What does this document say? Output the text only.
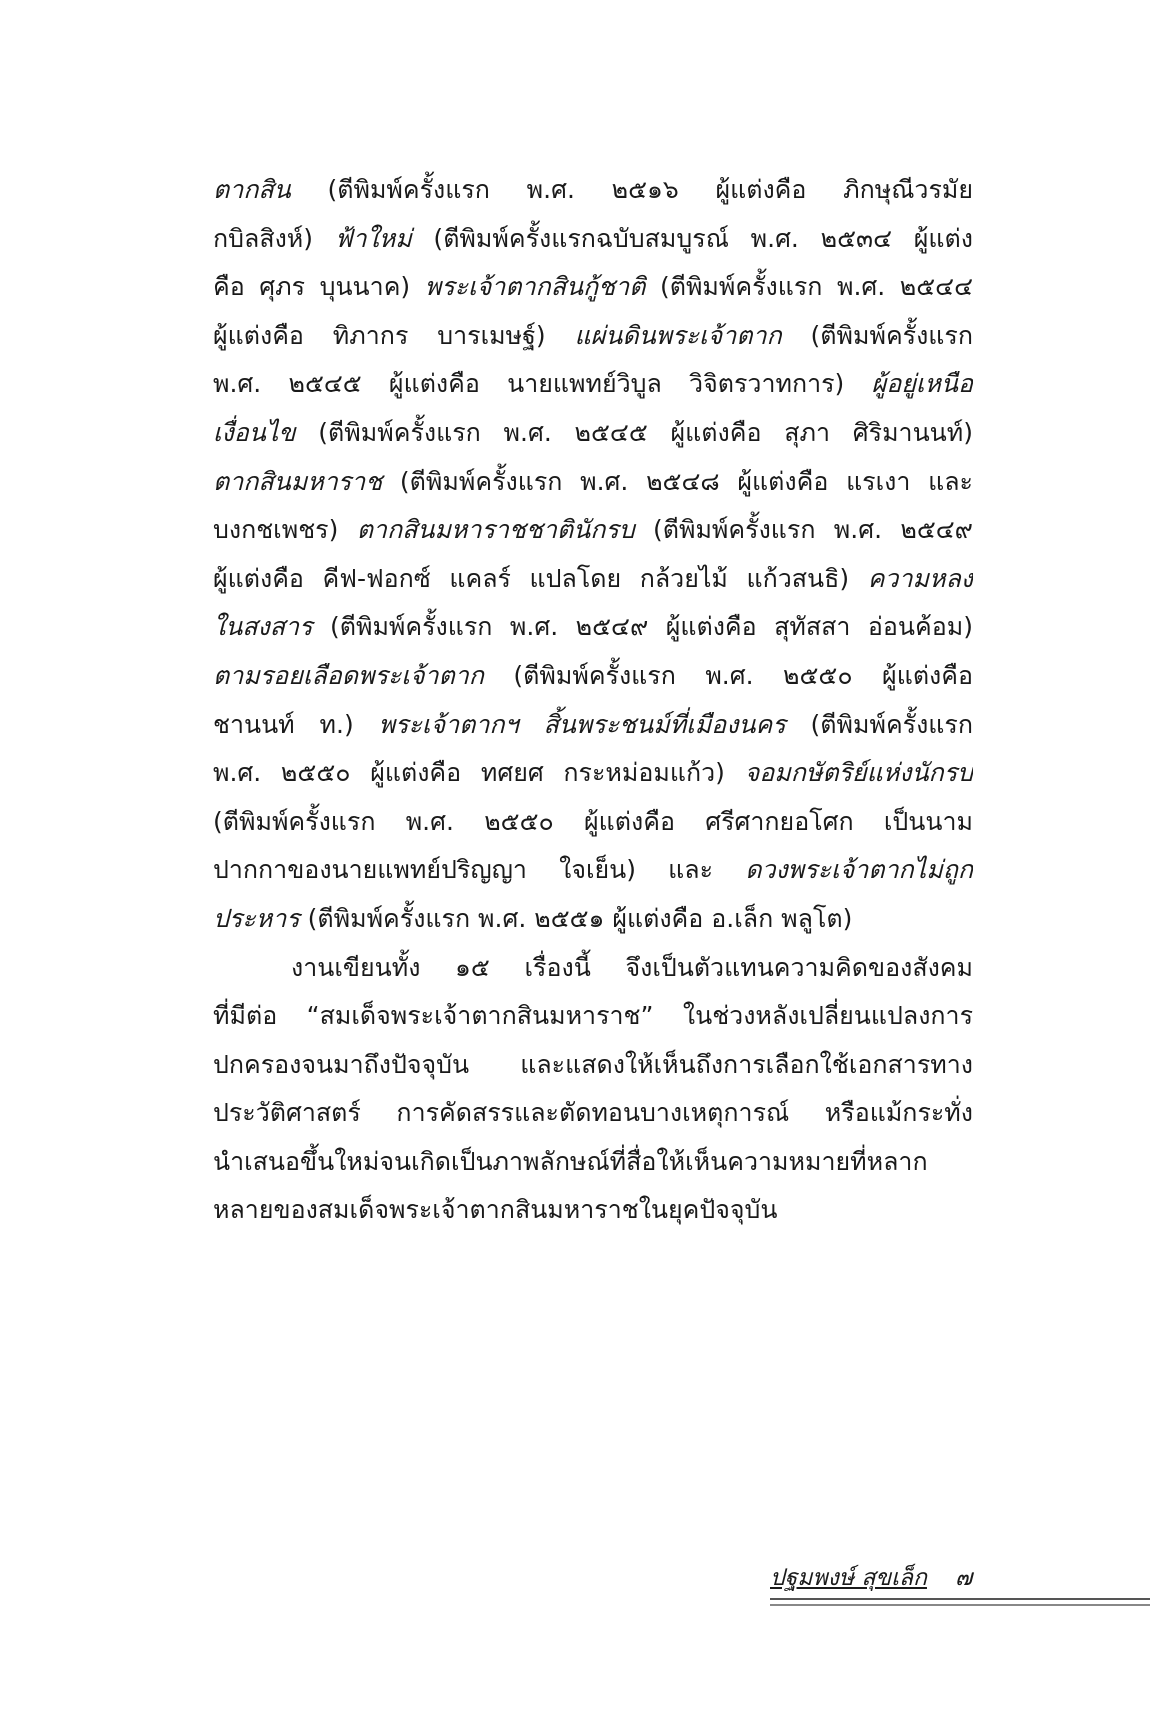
ตากสิน (ตีพิมพ์ครั้งแรก พ.ศ. ๒๕๑๖ ผู้แต่งคือ ภิกษุณีวรมัย
กบิลสิงห์) ฟ้าใหม่ (ตีพิมพ์ครั้งแรกฉบับสมบูรณ์ พ.ศ. ๒๕๓๔ ผู้แต่ง
คือ ศุภร บุนนาค) พระเจ้าตากสินกู้ชาติ (ตีพิมพ์ครั้งแรก พ.ศ. ๒๕๔๔
ผู้แต่งคือ ทิภากร บารเมษฐ์) แผ่นดินพระเจ้าตาก (ตีพิมพ์ครั้งแรก
พ.ศ. ๒๕๔๕ ผู้แต่งคือ นายแพทย์วิบูล วิจิตรวาทการ) ผู้อยู่เหนือ
เงื่อนไข (ตีพิมพ์ครั้งแรก พ.ศ. ๒๕๔๕ ผู้แต่งคือ สุภา ศิริมานนท์)
ตากสินมหาราช (ตีพิมพ์ครั้งแรก พ.ศ. ๒๕๔๘ ผู้แต่งคือ แรเงา และ
บงกชเพชร) ตากสินมหาราชชาตินักรบ (ตีพิมพ์ครั้งแรก พ.ศ. ๒๕๔๙
ผู้แต่งคือ คีฟ-ฟอกซ์ แคลร์ แปลโดย กล้วยไม้ แก้วสนธิ) ความหลง
ในสงสาร (ตีพิมพ์ครั้งแรก พ.ศ. ๒๕๔๙ ผู้แต่งคือ สุทัสสา อ่อนค้อม)
ตามรอยเลือดพระเจ้าตาก (ตีพิมพ์ครั้งแรก พ.ศ. ๒๕๕๐ ผู้แต่งคือ
ชานนท์ ท.) พระเจ้าตากฯ สิ้นพระชนม์ที่เมืองนคร (ตีพิมพ์ครั้งแรก
พ.ศ. ๒๕๕๐ ผู้แต่งคือ ทศยศ กระหม่อมแก้ว) จอมกษัตริย์แห่งนักรบ
(ตีพิมพ์ครั้งแรก พ.ศ. ๒๕๕๐ ผู้แต่งคือ ศรีศากยอโศก เป็นนาม
ปากกาของนายแพทย์ปริญญา ใจเย็น) และ ดวงพระเจ้าตากไม่ถูก
ประหาร (ตีพิมพ์ครั้งแรก พ.ศ. ๒๕๕๑ ผู้แต่งคือ อ.เล็ก พลูโต)
งานเขียนทั้ง ๑๕ เรื่องนี้ จึงเป็นตัวแทนความคิดของสังคม
ที่มีต่อ “สมเด็จพระเจ้าตากสินมหาราช” ในช่วงหลังเปลี่ยนแปลงการ
ปกครองจนมาถึงปัจจุบัน และแสดงให้เห็นถึงการเลือกใช้เอกสารทาง
ประวัติศาสตร์ การคัดสรรและตัดทอนบางเหตุการณ์ หรือแม้กระทั่ง
นำเสนอขึ้นใหม่จนเกิดเป็นภาพลักษณ์ที่สื่อให้เห็นความหมายที่หลาก
หลายของสมเด็จพระเจ้าตากสินมหาราชในยุคปัจจุบัน
ปฐมพงษ์ สุขเล็ก ๗
